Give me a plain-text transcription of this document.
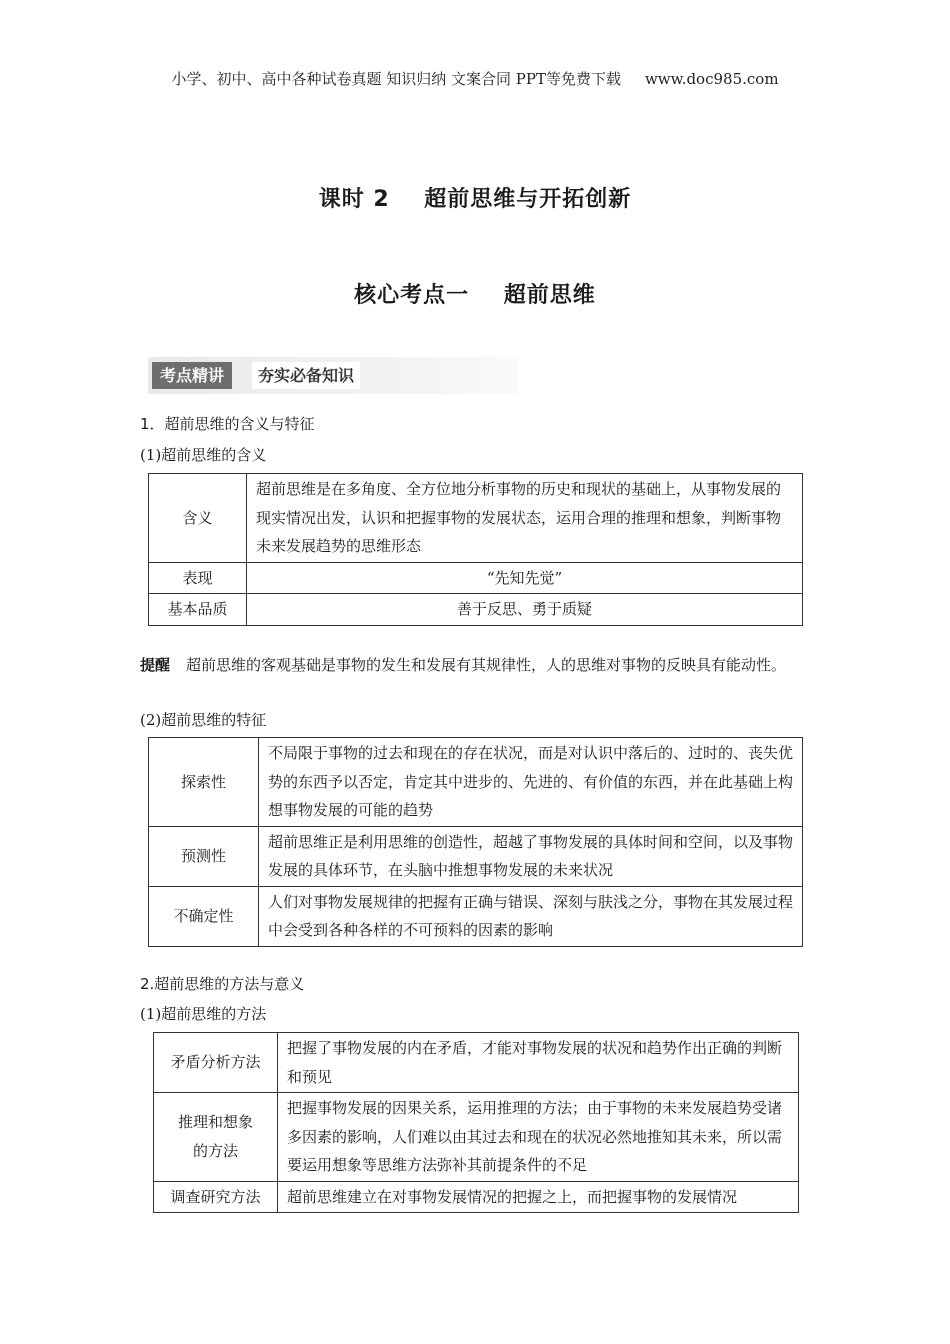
小学、初中、高中各种试卷真题 知识归纳 文案合同 PPT等免费下载 www.doc985.com
课时 2    超前思维与开拓创新
核心考点一    超前思维
考点精讲	夯实必备知识
1．超前思维的含义与特征
(1)超前思维的含义
含义	超前思维是在多角度、全方位地分析事物的历史和现状的基础上，从事物发展的现实情况出发，认识和把握事物的发展状态，运用合理的推理和想象，判断事物未来发展趋势的思维形态
表现	“先知先觉”
基本品质	善于反思、勇于质疑
提醒 超前思维的客观基础是事物的发生和发展有其规律性，人的思维对事物的反映具有能动性。
(2)超前思维的特征
探索性	不局限于事物的过去和现在的存在状况，而是对认识中落后的、过时的、丧失优势的东西予以否定，肯定其中进步的、先进的、有价值的东西，并在此基础上构想事物发展的可能的趋势
预测性	超前思维正是利用思维的创造性，超越了事物发展的具体时间和空间，以及事物发展的具体环节，在头脑中推想事物发展的未来状况
不确定性	人们对事物发展规律的把握有正确与错误、深刻与肤浅之分，事物在其发展过程中会受到各种各样的不可预料的因素的影响
2.超前思维的方法与意义
(1)超前思维的方法
矛盾分析方法	把握了事物发展的内在矛盾，才能对事物发展的状况和趋势作出正确的判断和预见
推理和想象的方法	把握事物发展的因果关系，运用推理的方法；由于事物的未来发展趋势受诸多因素的影响，人们难以由其过去和现在的状况必然地推知其未来，所以需要运用想象等思维方法弥补其前提条件的不足
调查研究方法	超前思维建立在对事物发展情况的把握之上，而把握事物的发展情况
